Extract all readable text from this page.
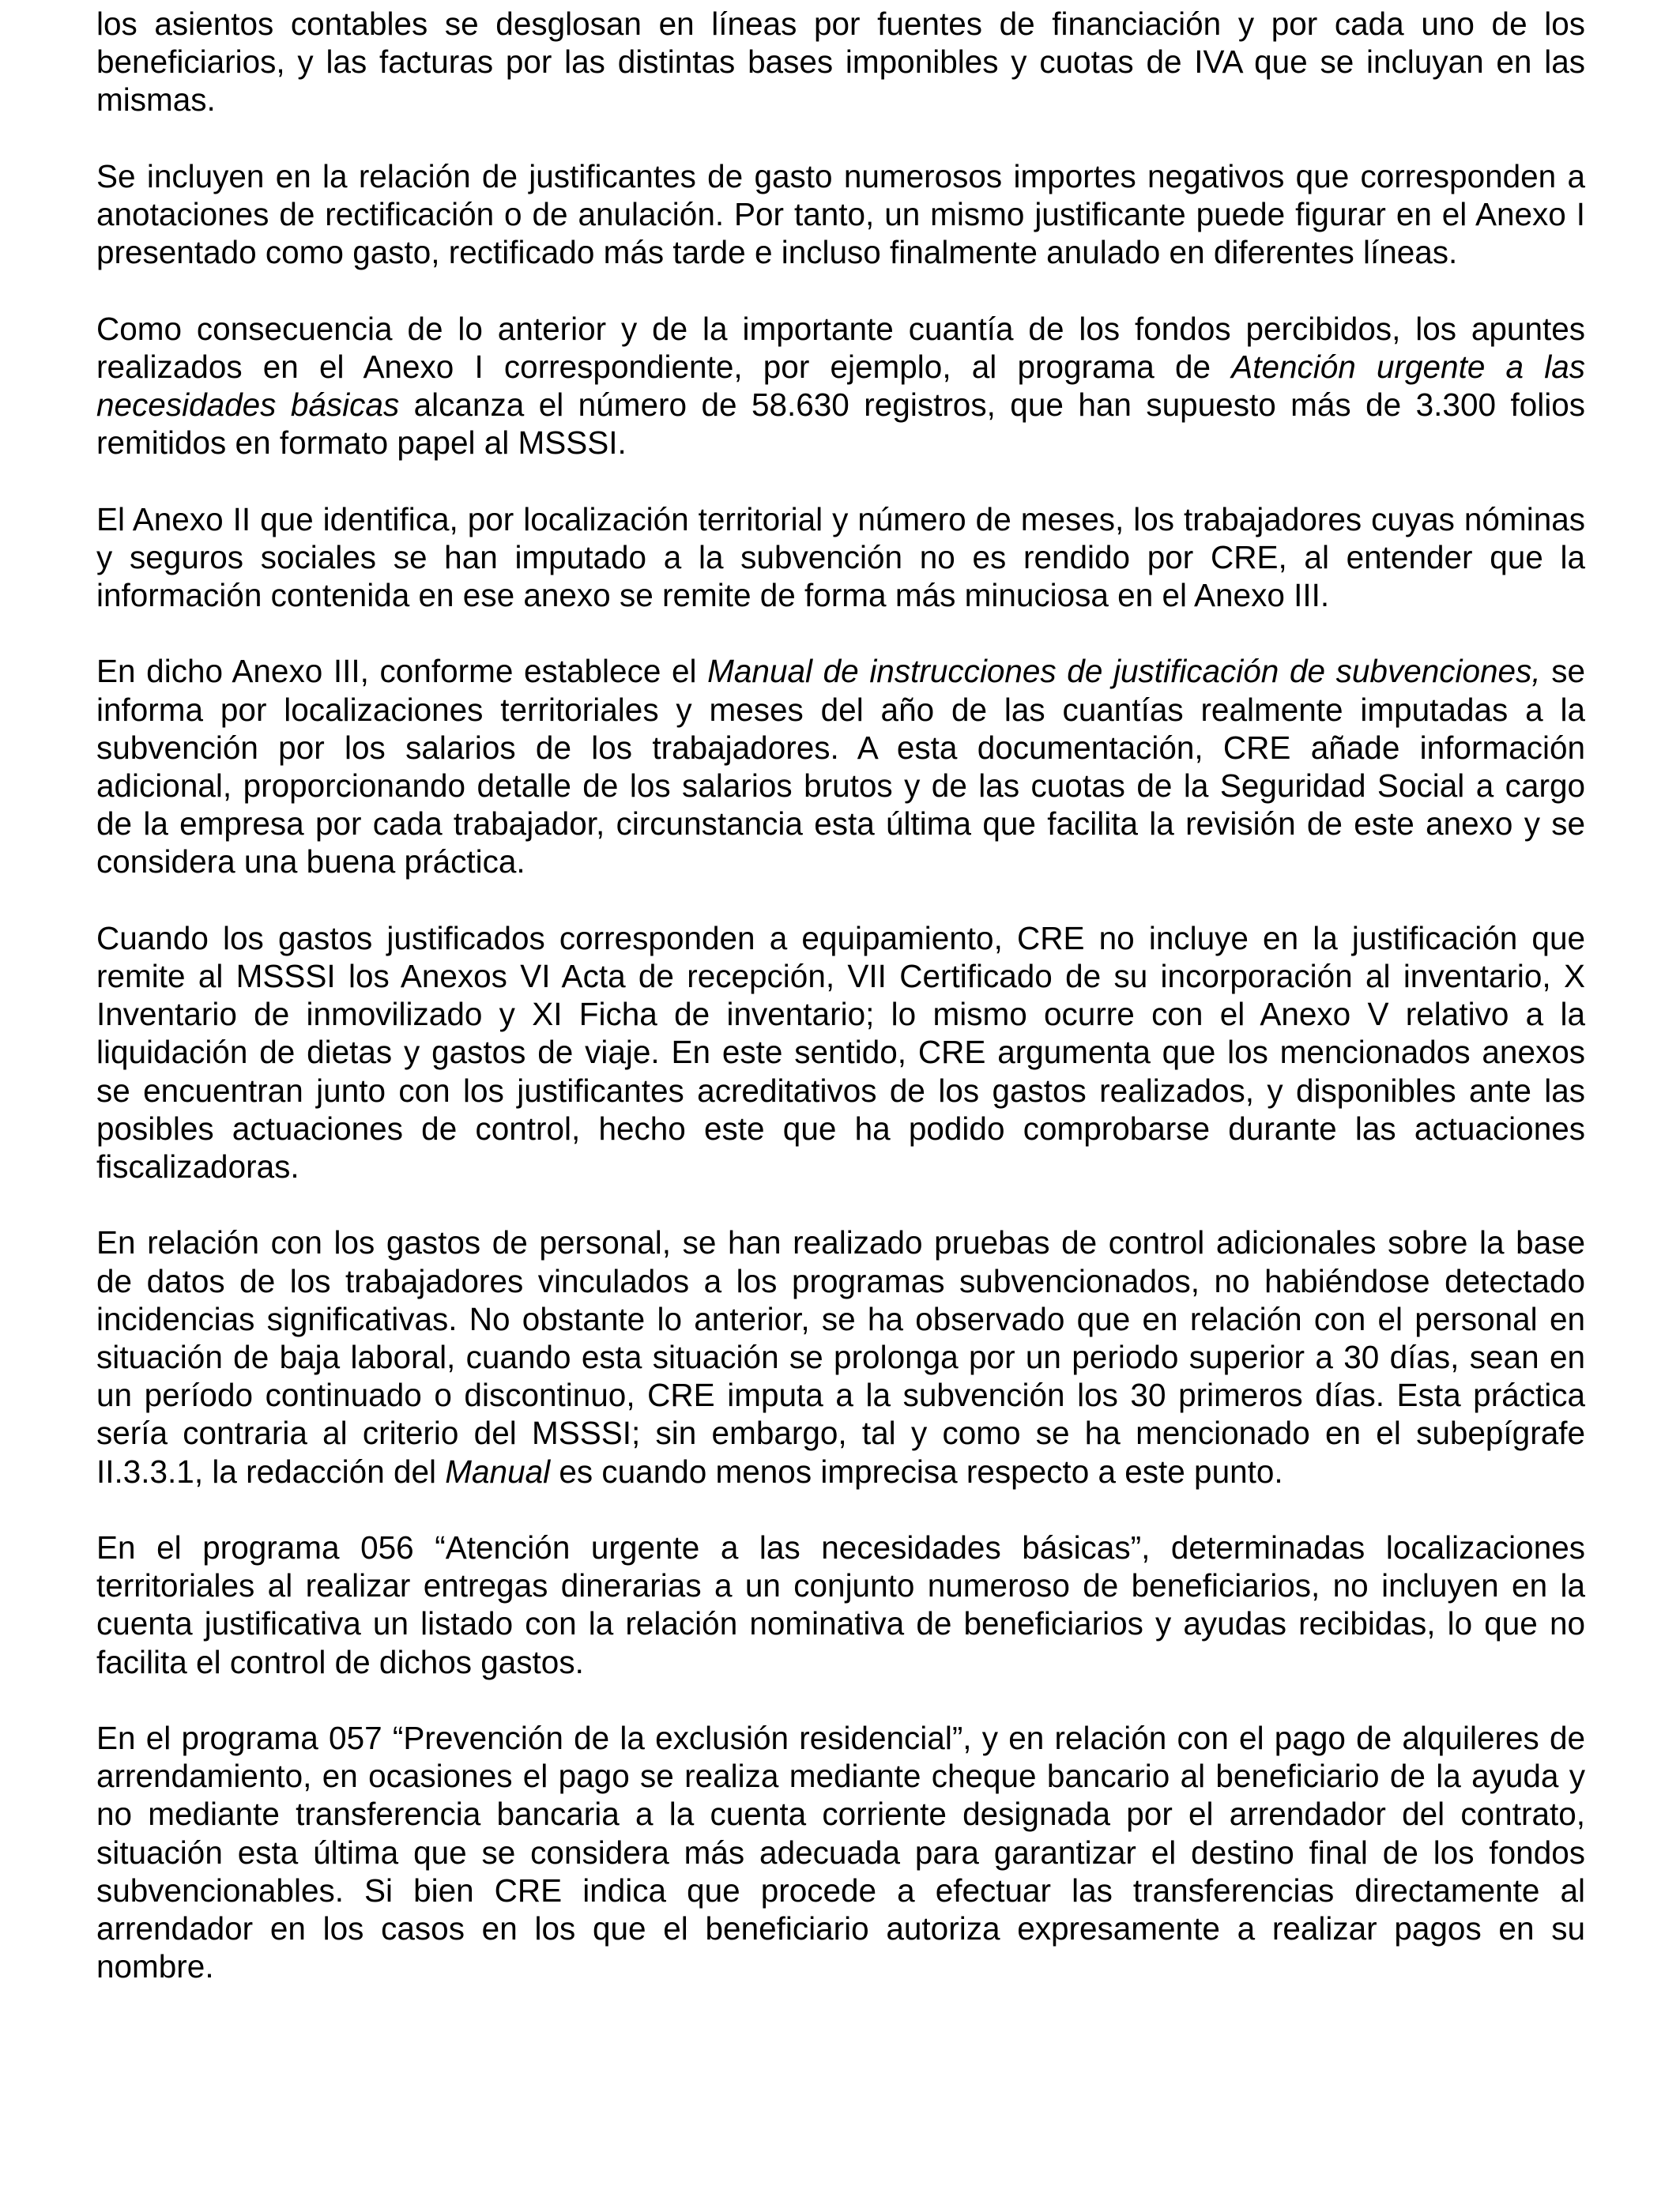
los asientos contables se desglosan en líneas por fuentes de financiación y por cada uno de los beneficiarios, y las facturas por las distintas bases imponibles y cuotas de IVA que se incluyan en las mismas.

Se incluyen en la relación de justificantes de gasto numerosos importes negativos que corresponden a anotaciones de rectificación o de anulación. Por tanto, un mismo justificante puede figurar en el Anexo I presentado como gasto, rectificado más tarde e incluso finalmente anulado en diferentes líneas.

Como consecuencia de lo anterior y de la importante cuantía de los fondos percibidos, los apuntes realizados en el Anexo I correspondiente, por ejemplo, al programa de Atención urgente a las necesidades básicas alcanza el número de 58.630 registros, que han supuesto más de 3.300 folios remitidos en formato papel al MSSSI.

El Anexo II que identifica, por localización territorial y número de meses, los trabajadores cuyas nóminas y seguros sociales se han imputado a la subvención no es rendido por CRE, al entender que la información contenida en ese anexo se remite de forma más minuciosa en el Anexo III.

En dicho Anexo III, conforme establece el Manual de instrucciones de justificación de subvenciones, se informa por localizaciones territoriales y meses del año de las cuantías realmente imputadas a la subvención por los salarios de los trabajadores. A esta documentación, CRE añade información adicional, proporcionando detalle de los salarios brutos y de las cuotas de la Seguridad Social a cargo de la empresa por cada trabajador, circunstancia esta última que facilita la revisión de este anexo y se considera una buena práctica.

Cuando los gastos justificados corresponden a equipamiento, CRE no incluye en la justificación que remite al MSSSI los Anexos VI Acta de recepción, VII Certificado de su incorporación al inventario, X Inventario de inmovilizado y XI Ficha de inventario; lo mismo ocurre con el Anexo V relativo a la liquidación de dietas y gastos de viaje. En este sentido, CRE argumenta que los mencionados anexos se encuentran junto con los justificantes acreditativos de los gastos realizados, y disponibles ante las posibles actuaciones de control, hecho este que ha podido comprobarse durante las actuaciones fiscalizadoras.

En relación con los gastos de personal, se han realizado pruebas de control adicionales sobre la base de datos de los trabajadores vinculados a los programas subvencionados, no habiéndose detectado incidencias significativas. No obstante lo anterior, se ha observado que en relación con el personal en situación de baja laboral, cuando esta situación se prolonga por un periodo superior a 30 días, sean en un período continuado o discontinuo, CRE imputa a la subvención los 30 primeros días. Esta práctica sería contraria al criterio del MSSSI; sin embargo, tal y como se ha mencionado en el subepígrafe II.3.3.1, la redacción del Manual es cuando menos imprecisa respecto a este punto.

En el programa 056 “Atención urgente a las necesidades básicas”, determinadas localizaciones territoriales al realizar entregas dinerarias a un conjunto numeroso de beneficiarios, no incluyen en la cuenta justificativa un listado con la relación nominativa de beneficiarios y ayudas recibidas, lo que no facilita el control de dichos gastos.

En el programa 057 “Prevención de la exclusión residencial”, y en relación con el pago de alquileres de arrendamiento, en ocasiones el pago se realiza mediante cheque bancario al beneficiario de la ayuda y no mediante transferencia bancaria a la cuenta corriente designada por el arrendador del contrato, situación esta última que se considera más adecuada para garantizar el destino final de los fondos subvencionables. Si bien CRE indica que procede a efectuar las transferencias directamente al arrendador en los casos en los que el beneficiario autoriza expresamente a realizar pagos en su nombre.
